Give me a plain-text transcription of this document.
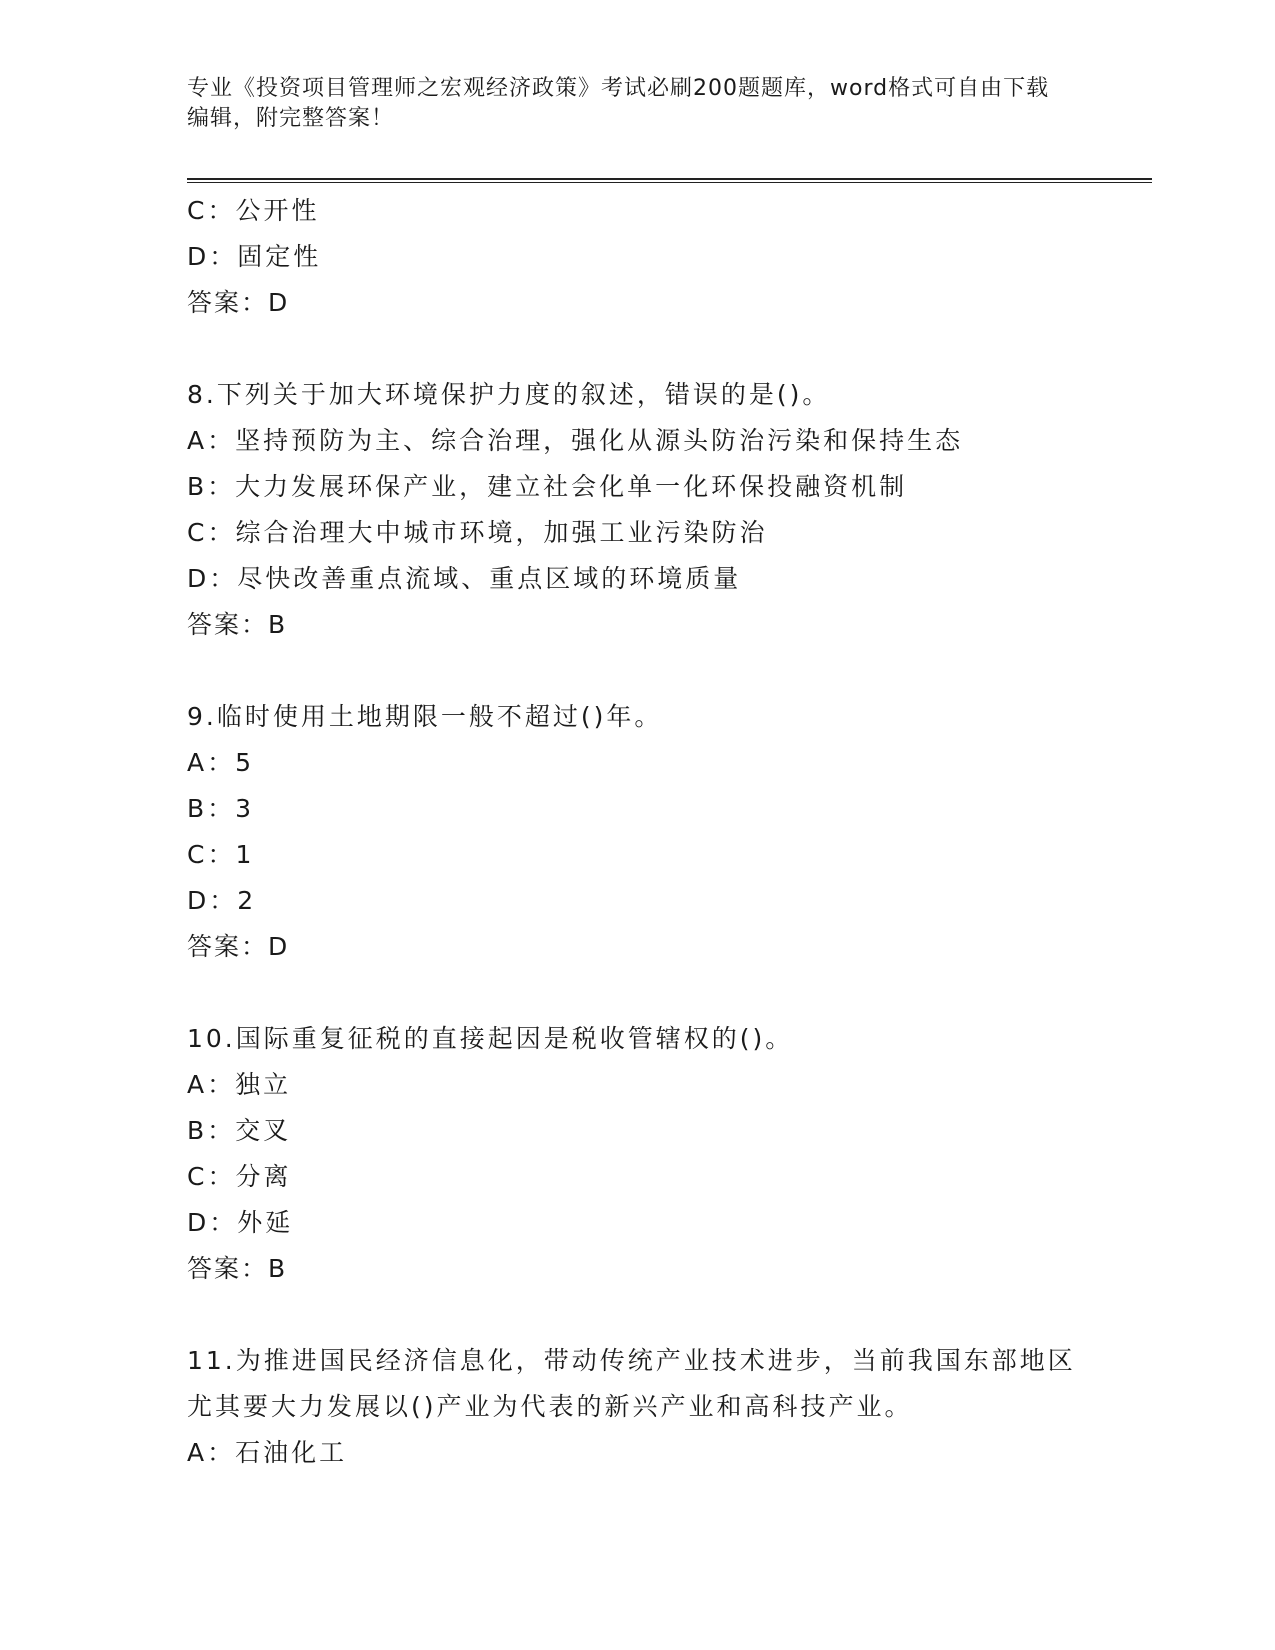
专业《投资项目管理师之宏观经济政策》考试必刷200题题库，word格式可自由下载编辑，附完整答案！
C：公开性
D：固定性
答案：D
8.下列关于加大环境保护力度的叙述，错误的是()。
A：坚持预防为主、综合治理，强化从源头防治污染和保持生态
B：大力发展环保产业，建立社会化单一化环保投融资机制
C：综合治理大中城市环境，加强工业污染防治
D：尽快改善重点流域、重点区域的环境质量
答案：B
9.临时使用土地期限一般不超过()年。
A：5
B：3
C：1
D：2
答案：D
10.国际重复征税的直接起因是税收管辖权的()。
A：独立
B：交叉
C：分离
D：外延
答案：B
11.为推进国民经济信息化，带动传统产业技术进步，当前我国东部地区尤其要大力发展以()产业为代表的新兴产业和高科技产业。
A：石油化工
